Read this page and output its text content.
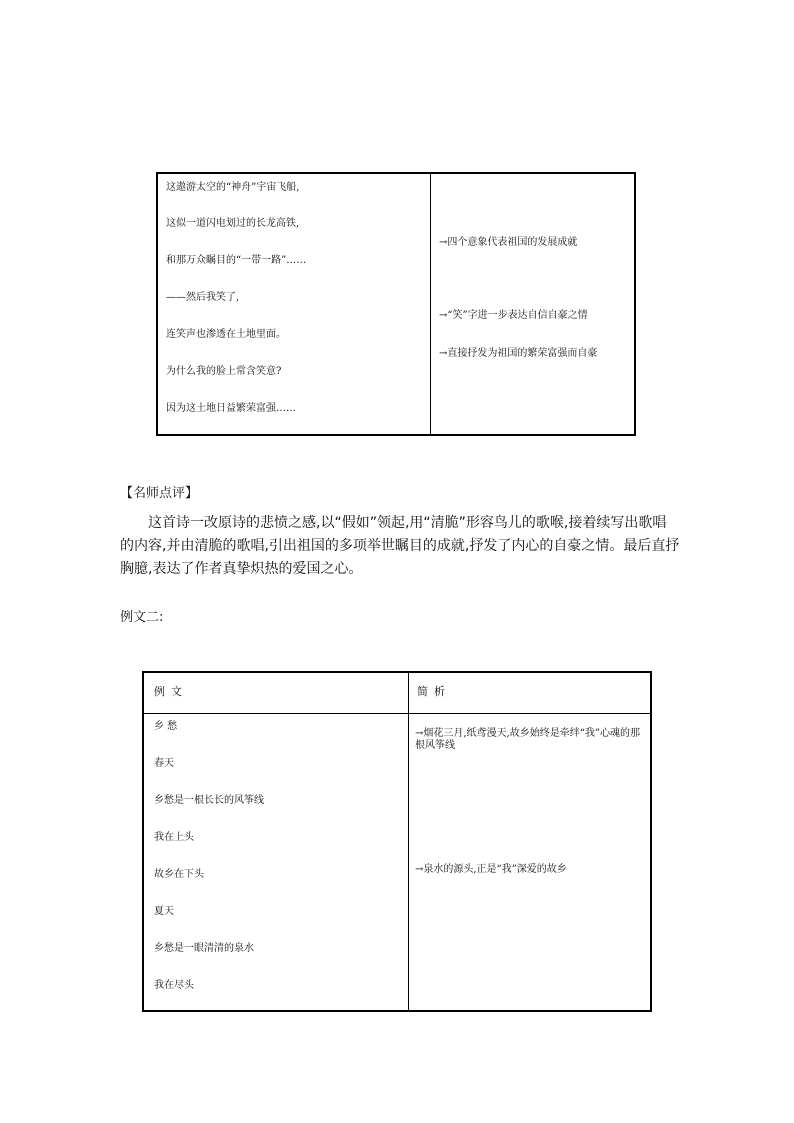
这遨游太空的“神舟”宇宙飞船,
这似一道闪电划过的长龙高铁,
和那万众瞩目的“一带一路”……
——然后我笑了,
连笑声也渗透在土地里面。
为什么我的脸上常含笑意?
因为这土地日益繁荣富强……
→四个意象代表祖国的发展成就
→“笑”字进一步表达自信自豪之情
→直接抒发为祖国的繁荣富强而自豪
【名师点评】

这首诗一改原诗的悲愤之感,以“假如”领起,用“清脆”形容鸟儿的歌喉,接着续写出歌唱的内容,并由清脆的歌唱,引出祖国的多项举世瞩目的成就,抒发了内心的自豪之情。最后直抒胸臆,表达了作者真挚炽热的爱国之心。

例文二:
例文	简析
乡 愁
春天
乡愁是一根长长的风筝线
我在上头
故乡在下头
夏天
乡愁是一眼清清的泉水
我在尽头
→烟花三月,纸鸢漫天,故乡始终是牵绊“我”心魂的那根风筝线
→泉水的源头,正是“我”深爱的故乡
